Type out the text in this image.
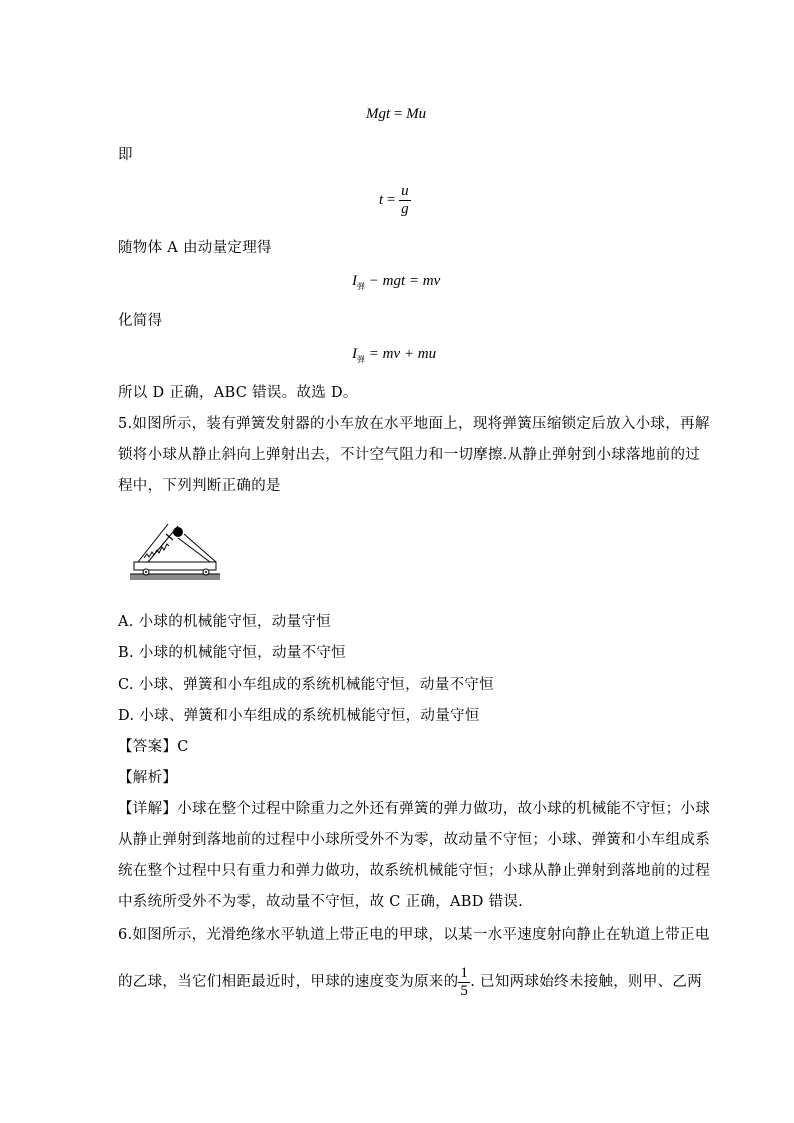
Mgt = Mu
即
$t = \frac{u}{g}$
随物体 A 由动量定理得
$I_弹$ − mgt = mv
化简得
$I_弹$ = mv + mu
所以 D 正确，ABC 错误。故选 D。
5.如图所示，装有弹簧发射器的小车放在水平地面上，现将弹簧压缩锁定后放入小球，再解
锁将小球从静止斜向上弹射出去，不计空气阻力和一切摩擦.从静止弹射到小球落地前的过
程中，下列判断正确的是
A. 小球的机械能守恒，动量守恒
B. 小球的机械能守恒，动量不守恒
C. 小球、弹簧和小车组成的系统机械能守恒，动量不守恒
D. 小球、弹簧和小车组成的系统机械能守恒，动量守恒
【答案】C
【解析】
【详解】小球在整个过程中除重力之外还有弹簧的弹力做功，故小球的机械能不守恒；小球
从静止弹射到落地前的过程中小球所受外不为零，故动量不守恒；小球、弹簧和小车组成系
统在整个过程中只有重力和弹力做功，故系统机械能守恒；小球从静止弹射到落地前的过程
中系统所受外不为零，故动量不守恒，故 C 正确，ABD 错误.
6.如图所示，光滑绝缘水平轨道上带正电的甲球，以某一水平速度射向静止在轨道上带正电
的乙球，当它们相距最近时，甲球的速度变为原来的 $\frac{1}{5}$ . 已知两球始终未接触，则甲、乙两
